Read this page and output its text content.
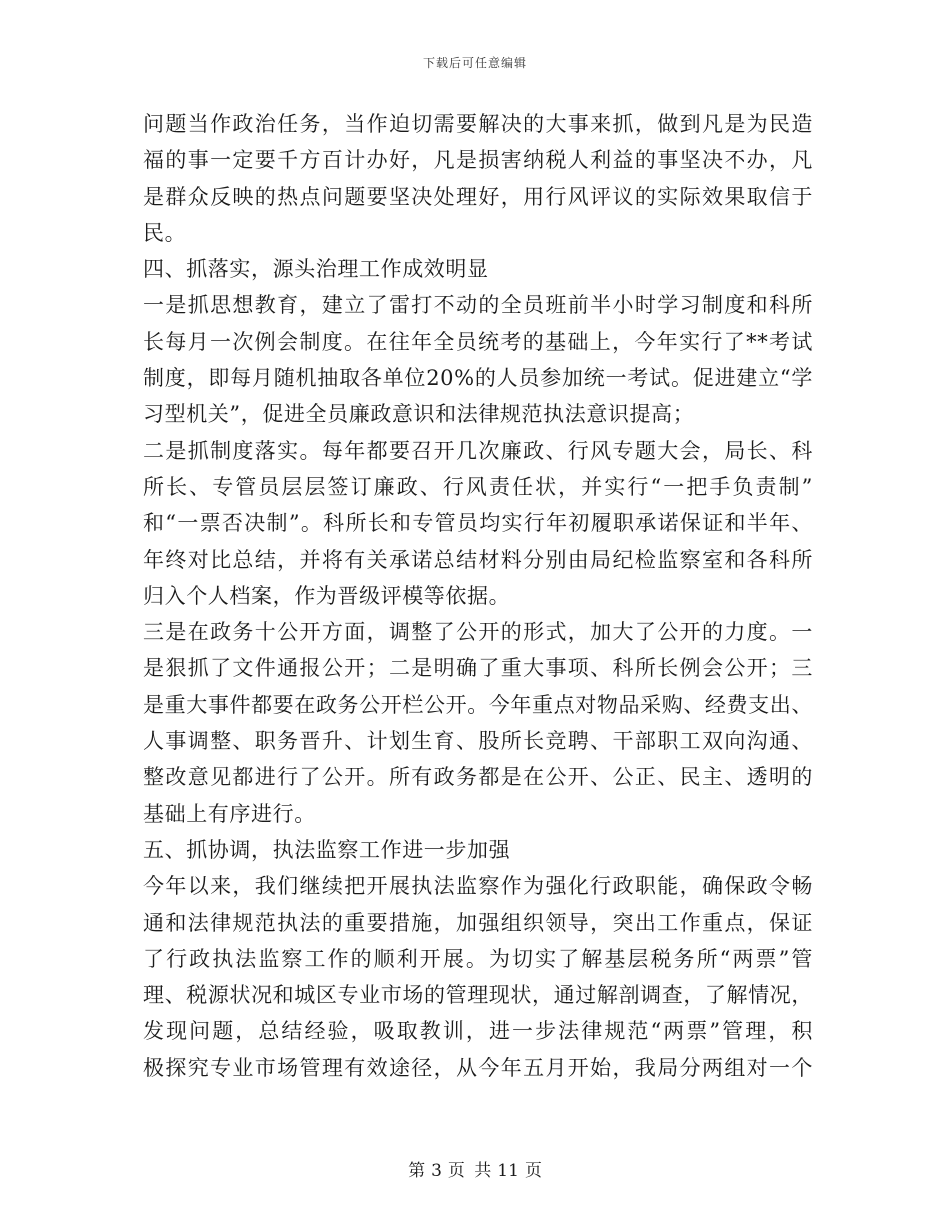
下载后可任意编辑
问题当作政治任务，当作迫切需要解决的大事来抓，做到凡是为民造
福的事一定要千方百计办好，凡是损害纳税人利益的事坚决不办，凡
是群众反映的热点问题要坚决处理好，用行风评议的实际效果取信于
民。
四、抓落实，源头治理工作成效明显
一是抓思想教育，建立了雷打不动的全员班前半小时学习制度和科所
长每月一次例会制度。在往年全员统考的基础上，今年实行了**考试
制度，即每月随机抽取各单位20%的人员参加统一考试。促进建立“学
习型机关”，促进全员廉政意识和法律规范执法意识提高；
二是抓制度落实。每年都要召开几次廉政、行风专题大会，局长、科
所长、专管员层层签订廉政、行风责任状，并实行“一把手负责制”
和“一票否决制”。科所长和专管员均实行年初履职承诺保证和半年、
年终对比总结，并将有关承诺总结材料分别由局纪检监察室和各科所
归入个人档案，作为晋级评模等依据。
三是在政务十公开方面，调整了公开的形式，加大了公开的力度。一
是狠抓了文件通报公开；二是明确了重大事项、科所长例会公开；三
是重大事件都要在政务公开栏公开。今年重点对物品采购、经费支出、
人事调整、职务晋升、计划生育、股所长竞聘、干部职工双向沟通、
整改意见都进行了公开。所有政务都是在公开、公正、民主、透明的
基础上有序进行。
五、抓协调，执法监察工作进一步加强
今年以来，我们继续把开展执法监察作为强化行政职能，确保政令畅
通和法律规范执法的重要措施，加强组织领导，突出工作重点，保证
了行政执法监察工作的顺利开展。为切实了解基层税务所“两票”管
理、税源状况和城区专业市场的管理现状，通过解剖调查，了解情况，
发现问题，总结经验，吸取教训，进一步法律规范“两票”管理，积
极探究专业市场管理有效途径，从今年五月开始，我局分两组对一个
第 3 页 共 11 页
